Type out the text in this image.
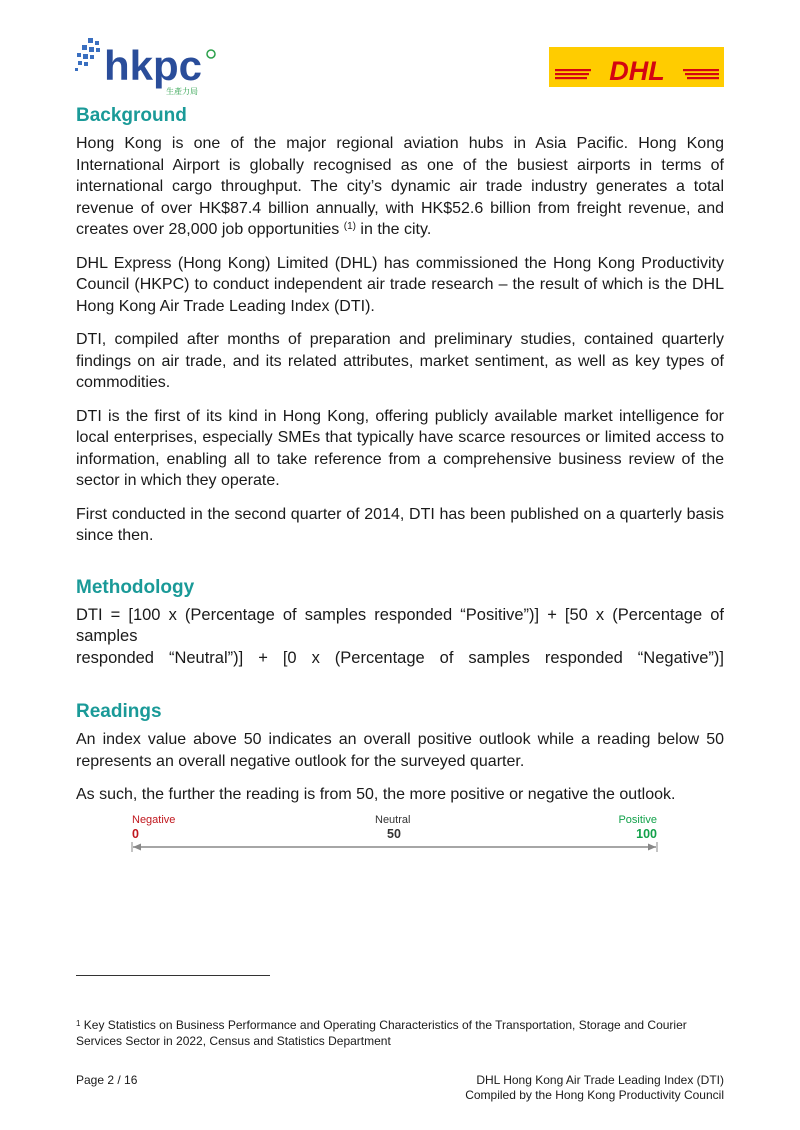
hkpc
生產力局
DHL
Background

Hong Kong is one of the major regional aviation hubs in Asia Pacific. Hong Kong International Airport is globally recognised as one of the busiest airports in terms of international cargo throughput. The city’s dynamic air trade industry generates a total revenue of over HK$87.4 billion annually, with HK$52.6 billion from freight revenue, and creates over 28,000 job opportunities $^{(1)}$ in the city.

DHL Express (Hong Kong) Limited (DHL) has commissioned the Hong Kong Productivity Council (HKPC) to conduct independent air trade research – the result of which is the DHL Hong Kong Air Trade Leading Index (DTI).

DTI, compiled after months of preparation and preliminary studies, contained quarterly findings on air trade, and its related attributes, market sentiment, as well as key types of commodities.

DTI is the first of its kind in Hong Kong, offering publicly available market intelligence for local enterprises, especially SMEs that typically have scarce resources or limited access to information, enabling all to take reference from a comprehensive business review of the sector in which they operate.

First conducted in the second quarter of 2014, DTI has been published on a quarterly basis since then.

Methodology

DTI = [100 x (Percentage of samples responded “Positive”)] + [50 x (Percentage of samples

responded “Neutral”)] + [0 x (Percentage of samples responded “Negative”)]

Readings

An index value above 50 indicates an overall positive outlook while a reading below 50 represents an overall negative outlook for the surveyed quarter.

As such, the further the reading is from 50, the more positive or negative the outlook.

Negative
0
Neutral
50
Positive
100
$^1$ Key Statistics on Business Performance and Operating Characteristics of the Transportation, Storage and Courier Services Sector in 2022, Census and Statistics Department
Page 2 / 16	DHL Hong Kong Air Trade Leading Index (DTI)
Compiled by the Hong Kong Productivity Council
